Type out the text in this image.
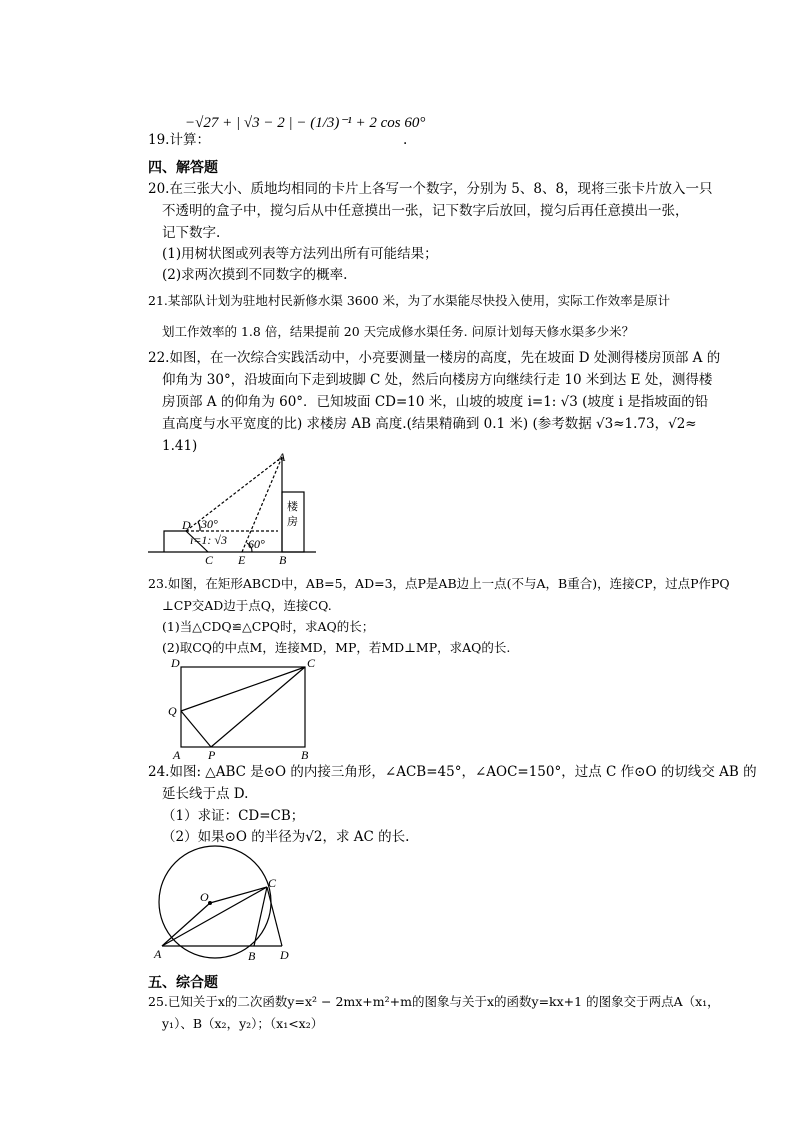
−√27 + | √3 − 2 | − (1/3)⁻¹ + 2 cos 60°
19.计算：	.
四、解答题
20.在三张大小、质地均相同的卡片上各写一个数字，分别为 5、8、8，现将三张卡片放入一只
不透明的盒子中，搅匀后从中任意摸出一张，记下数字后放回，搅匀后再任意摸出一张，
记下数字.
(1)用树状图或列表等方法列出所有可能结果；
(2)求两次摸到不同数字的概率.
21.某部队计划为驻地村民新修水渠 3600 米，为了水渠能尽快投入使用，实际工作效率是原计
划工作效率的 1.8 倍，结果提前 20 天完成修水渠任务. 问原计划每天修水渠多少米？
22.如图，在一次综合实践活动中，小亮要测量一楼房的高度，先在坡面 D 处测得楼房顶部 A 的
仰角为 30°，沿坡面向下走到坡脚 C 处，然后向楼房方向继续行走 10 米到达 E 处，测得楼
房顶部 A 的仰角为 60°．已知坡面 CD=10 米，山坡的坡度 i=1: √3 (坡度 i 是指坡面的铅
直高度与水平宽度的比) 求楼房 AB 高度.(结果精确到 0.1 米) (参考数据 √3≈1.73，√2≈
1.41)
A
B
C
D
E
30°
60°
i=1: √3
楼
房
23.如图，在矩形ABCD中，AB=5，AD=3，点P是AB边上一点(不与A，B重合)，连接CP，过点P作PQ
⊥CP交AD边于点Q，连接CQ.
(1)当△CDQ≌△CPQ时，求AQ的长；
(2)取CQ的中点M，连接MD，MP，若MD⊥MP，求AQ的长.
D	C
Q
A P	B
24.如图: △ABC 是⊙O 的内接三角形，∠ACB=45°，∠AOC=150°，过点 C 作⊙O 的切线交 AB 的
延长线于点 D.
（1）求证：CD=CB；
（2）如果⊙O 的半径为√2，求 AC 的长.
O
C
A	B D
五、综合题
25.已知关于x的二次函数y=x² − 2mx+m²+m的图象与关于x的函数y=kx+1 的图象交于两点A（x₁，
y₁）、B（x₂，y₂）；（x₁<x₂）
